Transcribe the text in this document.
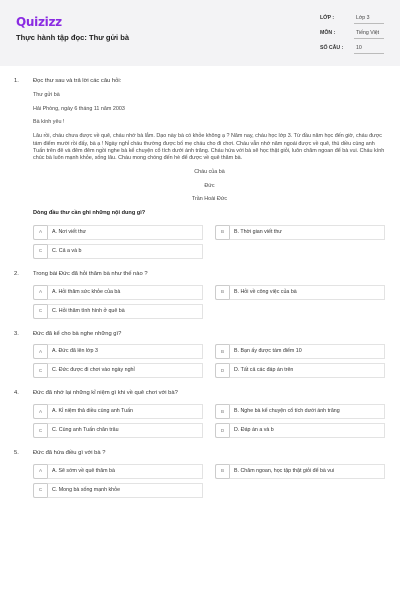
Quizizz
Thực hành tập đọc: Thư gửi bà
LỚP :	Lớp 3
MÔN :	Tiếng Việt
SỐ CÂU : 10
1. Đọc thư sau và trả lời các câu hỏi:

Thư gửi bà

Hải Phòng, ngày 6 tháng 11 năm 2003

Bà kính yêu !

Lâu rồi, cháu chưa được về quê, cháu nhớ bà lắm. Dạo này bà có khỏe không ạ ? Năm nay, cháu học lớp 3. Từ đầu năm học đến giờ, cháu được tám điểm mười rồi đấy, bà ạ ! Ngày nghỉ cháu thường được bố mẹ cháu cho đi chơi. Cháu vẫn nhớ năm ngoái được về quê, thú diều cùng anh Tuấn trên đê và đêm đêm ngồi nghe bà kể chuyện cổ tích dưới ánh trăng. Cháu hứa với bà sẽ học thật giỏi, luôn chăm ngoan để bà vui. Cháu kính chúc bà luôn mạnh khỏe, sống lâu. Cháu mong chóng đến hè để được về quê thăm bà.

Cháu của bà

Đức

Trần Hoài Đức

Dòng đầu thư cần ghi những nội dung gì?
A	A. Nơi viết thư	B	B. Thời gian viết thư
C	C. Cả a và b
2. Trong bài Đức đã hỏi thăm bà như thế nào ?
A	A. Hỏi thăm sức khỏe của bà	B	B. Hỏi về công việc của bà
C	C. Hỏi thăm tình hình ở quê bà
3. Đức đã kể cho bà nghe những gì?
A	A. Đức đã lên lớp 3	B	B. Bạn ấy được tám điểm 10
C	C. Đức được đi chơi vào ngày nghỉ	D	D. Tất cả các đáp án trên
4. Đức đã nhớ lại những kỉ niệm gì khi về quê chơi với bà?
A	A. Kỉ niệm thả diều cùng anh Tuấn	B	B. Nghe bà kể chuyện cổ tích dưới ánh trăng
C	C. Cùng anh Tuấn chăn trâu	D	D. Đáp án a và b
5. Đức đã hứa điều gì với bà ?
A	A. Sẽ sớm về quê thăm bà	B	B. Chăm ngoan, học tập thật giỏi để bà vui
C	C. Mong bà sống mạnh khỏe
